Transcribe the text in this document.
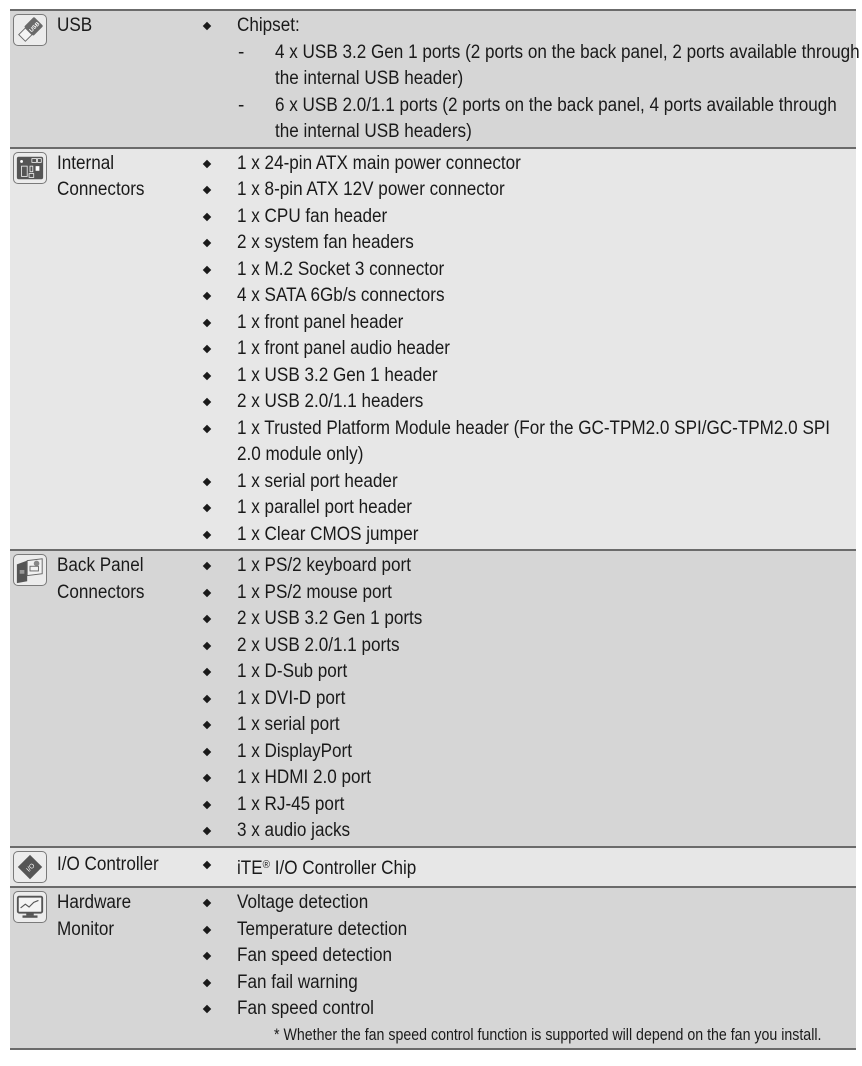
USB USB	Chipset:
- 4 x USB 3.2 Gen 1 ports (2 ports on the back panel, 2 ports available through
the internal USB header)
- 6 x USB 2.0/1.1 ports (2 ports on the back panel, 4 ports available through
the internal USB headers)
Internal
Connectors
1 x 24-pin ATX main power connector
1 x 8-pin ATX 12V power connector
1 x CPU fan header
2 x system fan headers
1 x M.2 Socket 3 connector
4 x SATA 6Gb/s connectors
1 x front panel header
1 x front panel audio header
1 x USB 3.2 Gen 1 header
2 x USB 2.0/1.1 headers
1 x Trusted Platform Module header (For the GC-TPM2.0 SPI/GC-TPM2.0 SPI
2.0 module only)
1 x serial port header
1 x parallel port header
1 x Clear CMOS jumper
Back Panel
Connectors
1 x PS/2 keyboard port
1 x PS/2 mouse port
2 x USB 3.2 Gen 1 ports
2 x USB 2.0/1.1 ports
1 x D-Sub port
1 x DVI-D port
1 x serial port
1 x DisplayPort
1 x HDMI 2.0 port
1 x RJ-45 port
3 x audio jacks
I/O I/O Controller	iTE® I/O Controller Chip
Hardware
Monitor
Voltage detection
Temperature detection
Fan speed detection
Fan fail warning
Fan speed control
* Whether the fan speed control function is supported will depend on the fan you install.
